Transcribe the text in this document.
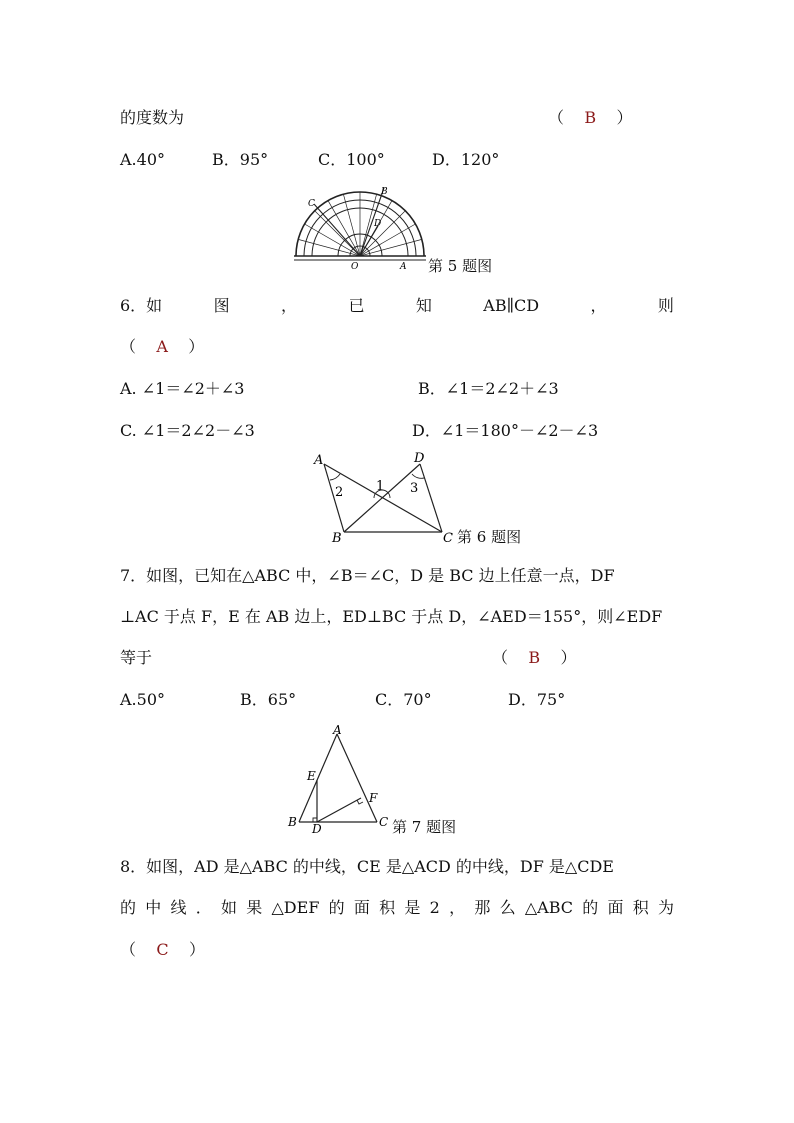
的度数为	（    B    ）
A.40°	B．95°	C．100°	D．120°
B
C
D
O	A 第 5 题图
6．如	图	，	已	知	AB∥CD	，	则
（    A    ）
A. ∠1＝∠2＋∠3	B．∠1＝2∠2＋∠3
C. ∠1＝2∠2－∠3	D．∠1＝180°－∠2－∠3
A
B	C
D
1
2	3
第 6 题图
7．如图，已知在△ABC 中，∠B＝∠C，D 是 BC 边上任意一点，DF
⊥AC 于点 F，E 在 AB 边上，ED⊥BC 于点 D，∠AED＝155°，则∠EDF
等于	（    B    ）
A.50°	B．65°	C．70°	D．75°
A
B	C
D
E
F
第 7 题图
8．如图，AD 是△ABC 的中线，CE 是△ACD 的中线，DF 是△CDE
的 中 线 ． 如 果 △DEF 的 面 积 是 2 ， 那 么 △ABC 的 面 积 为
（    C    ）
